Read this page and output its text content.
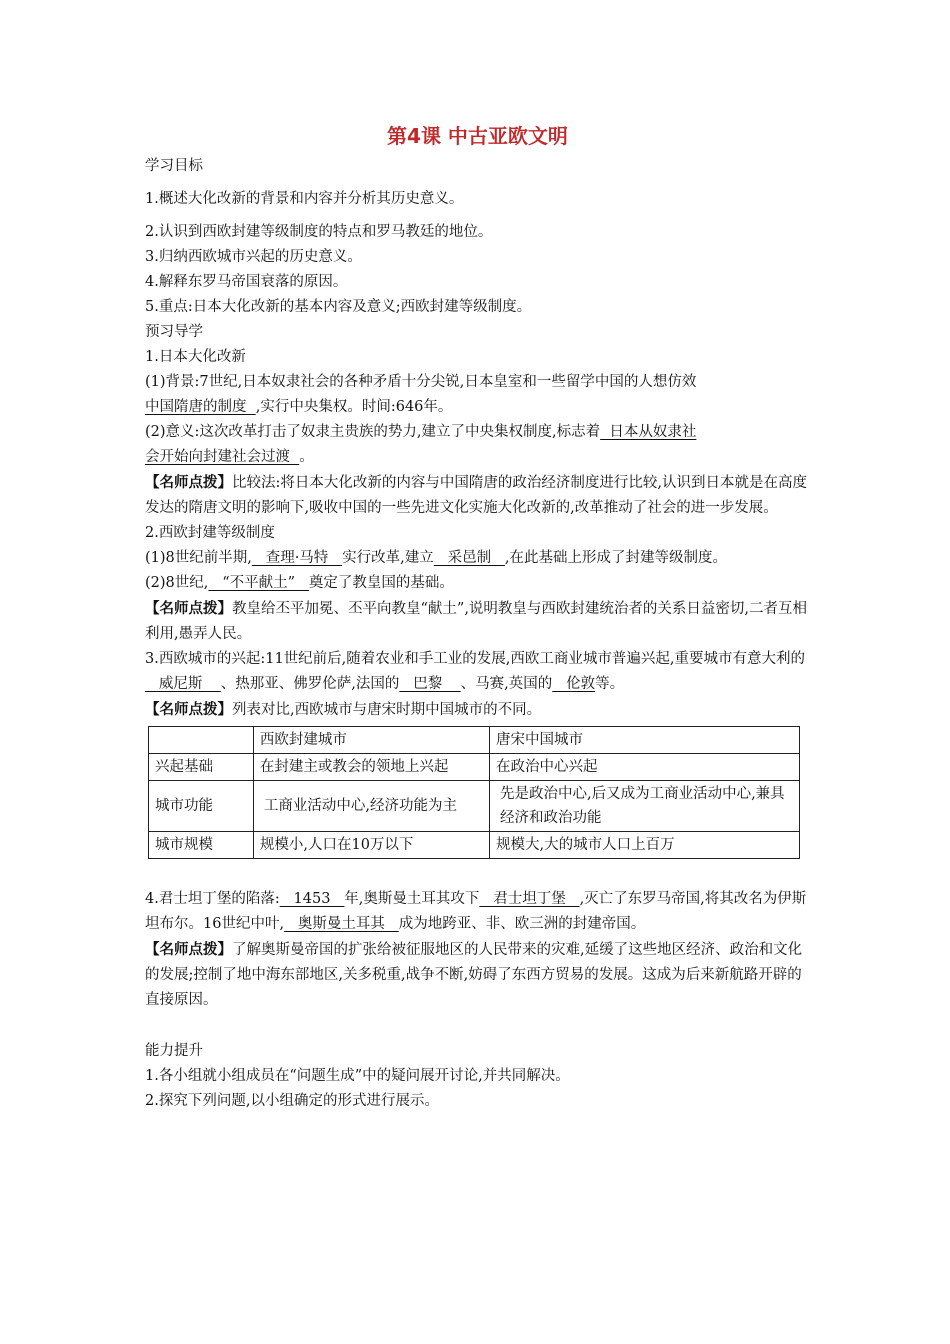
第4课 中古亚欧文明
学习目标
1.概述大化改新的背景和内容并分析其历史意义。
2.认识到西欧封建等级制度的特点和罗马教廷的地位。
3.归纳西欧城市兴起的历史意义。
4.解释东罗马帝国衰落的原因。
5.重点:日本大化改新的基本内容及意义;西欧封建等级制度。
预习导学
1.日本大化改新
(1)背景:7世纪,日本奴隶社会的各种矛盾十分尖锐,日本皇室和一些留学中国的人想仿效中国隋唐的制度  ,实行中央集权。时间:646年。
(2)意义:这次改革打击了奴隶主贵族的势力,建立了中央集权制度,标志着  日本从奴隶社会开始向封建社会过渡  。
【名师点拨】比较法:将日本大化改新的内容与中国隋唐的政治经济制度进行比较,认识到日本就是在高度发达的隋唐文明的影响下,吸收中国的一些先进文化实施大化改新的,改革推动了社会的进一步发展。
2.西欧封建等级制度
(1)8世纪前半期,   查理·马特   实行改革,建立   采邑制   ,在此基础上形成了封建等级制度。
(2)8世纪,   “不平献土”   奠定了教皇国的基础。
【名师点拨】教皇给丕平加冕、丕平向教皇“献土”,说明教皇与西欧封建统治者的关系日益密切,二者互相利用,愚弄人民。
3.西欧城市的兴起:11世纪前后,随着农业和手工业的发展,西欧工商业城市普遍兴起,重要城市有意大利的   威尼斯    、热那亚、佛罗伦萨,法国的   巴黎    、马赛,英国的   伦敦等。
【名师点拨】列表对比,西欧城市与唐宋时期中国城市的不同。
	西欧封建城市	唐宋中国城市
兴起基础	在封建主或教会的领地上兴起	在政治中心兴起
城市功能	工商业活动中心,经济功能为主	先是政治中心,后又成为工商业活动中心,兼具经济和政治功能
城市规模	规模小,人口在10万以下	规模大,大的城市人口上百万
4.君士坦丁堡的陷落:   1453   年,奥斯曼土耳其攻下   君士坦丁堡   ,灭亡了东罗马帝国,将其改名为伊斯坦布尔。16世纪中叶,   奥斯曼土耳其   成为地跨亚、非、欧三洲的封建帝国。
【名师点拨】了解奥斯曼帝国的扩张给被征服地区的人民带来的灾难,延缓了这些地区经济、政治和文化的发展;控制了地中海东部地区,关多税重,战争不断,妨碍了东西方贸易的发展。这成为后来新航路开辟的直接原因。
能力提升
1.各小组就小组成员在“问题生成”中的疑问展开讨论,并共同解决。
2.探究下列问题,以小组确定的形式进行展示。
